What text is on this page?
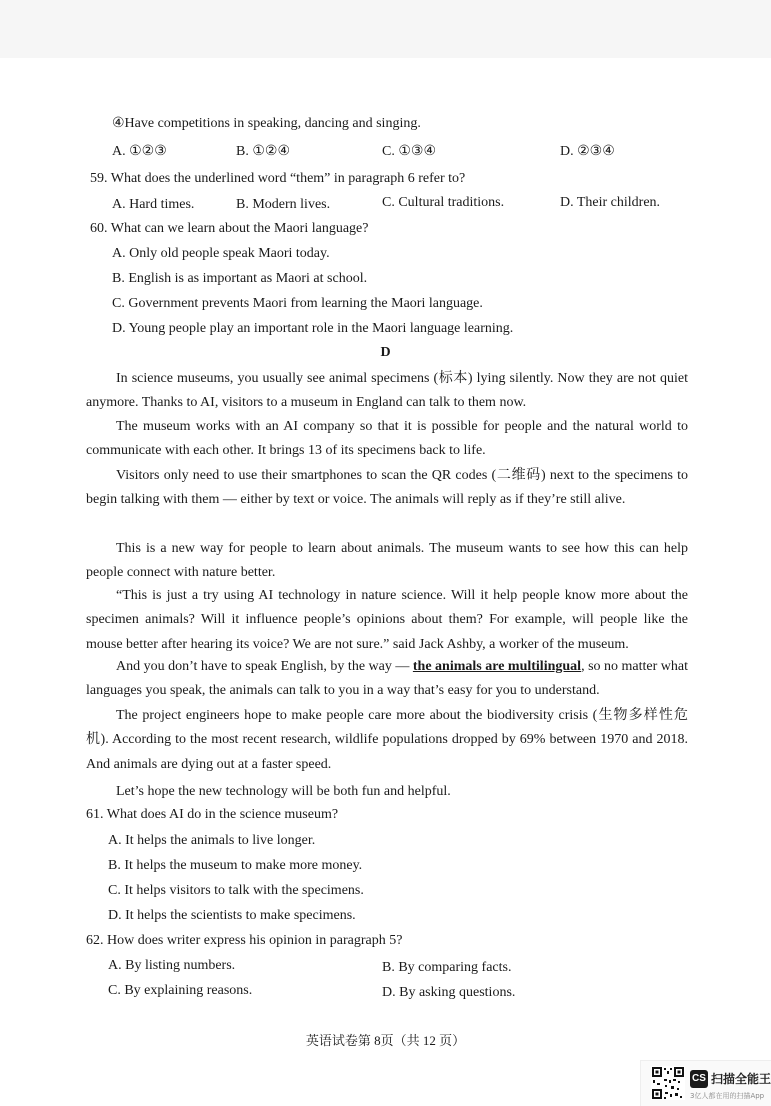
④Have competitions in speaking, dancing and singing.
A. ①②③	B. ①②④	C. ①③④	D. ②③④
59. What does the underlined word “them” in paragraph 6 refer to?
A. Hard times.	B. Modern lives.	C. Cultural traditions.	D. Their children.
60. What can we learn about the Maori language?
A. Only old people speak Maori today.
B. English is as important as Maori at school.
C. Government prevents Maori from learning the Maori language.
D. Young people play an important role in the Maori language learning.
D
In science museums, you usually see animal specimens (标本) lying silently. Now they are not quiet anymore. Thanks to AI, visitors to a museum in England can talk to them now.
The museum works with an AI company so that it is possible for people and the natural world to communicate with each other. It brings 13 of its specimens back to life.
Visitors only need to use their smartphones to scan the QR codes (二维码) next to the specimens to begin talking with them — either by text or voice. The animals will reply as if they’re still alive.
This is a new way for people to learn about animals. The museum wants to see how this can help people connect with nature better.
“This is just a try using AI technology in nature science. Will it help people know more about the specimen animals? Will it influence people’s opinions about them? For example, will people like the mouse better after hearing its voice? We are not sure.” said Jack Ashby, a worker of the museum.
And you don’t have to speak English, by the way — the animals are multilingual, so no matter what languages you speak, the animals can talk to you in a way that’s easy for you to understand.
The project engineers hope to make people care more about the biodiversity crisis (生物多样性危机). According to the most recent research, wildlife populations dropped by 69% between 1970 and 2018. And animals are dying out at a faster speed.
Let’s hope the new technology will be both fun and helpful.
61. What does AI do in the science museum?
A. It helps the animals to live longer.
B. It helps the museum to make more money.
C. It helps visitors to talk with the specimens.
D. It helps the scientists to make specimens.
62. How does writer express his opinion in paragraph 5?
A. By listing numbers.	B. By comparing facts.
C. By explaining reasons.	D. By asking questions.
英语试卷第 8页（共 12 页）
CS 扫描全能王
3亿人都在用的扫描App
